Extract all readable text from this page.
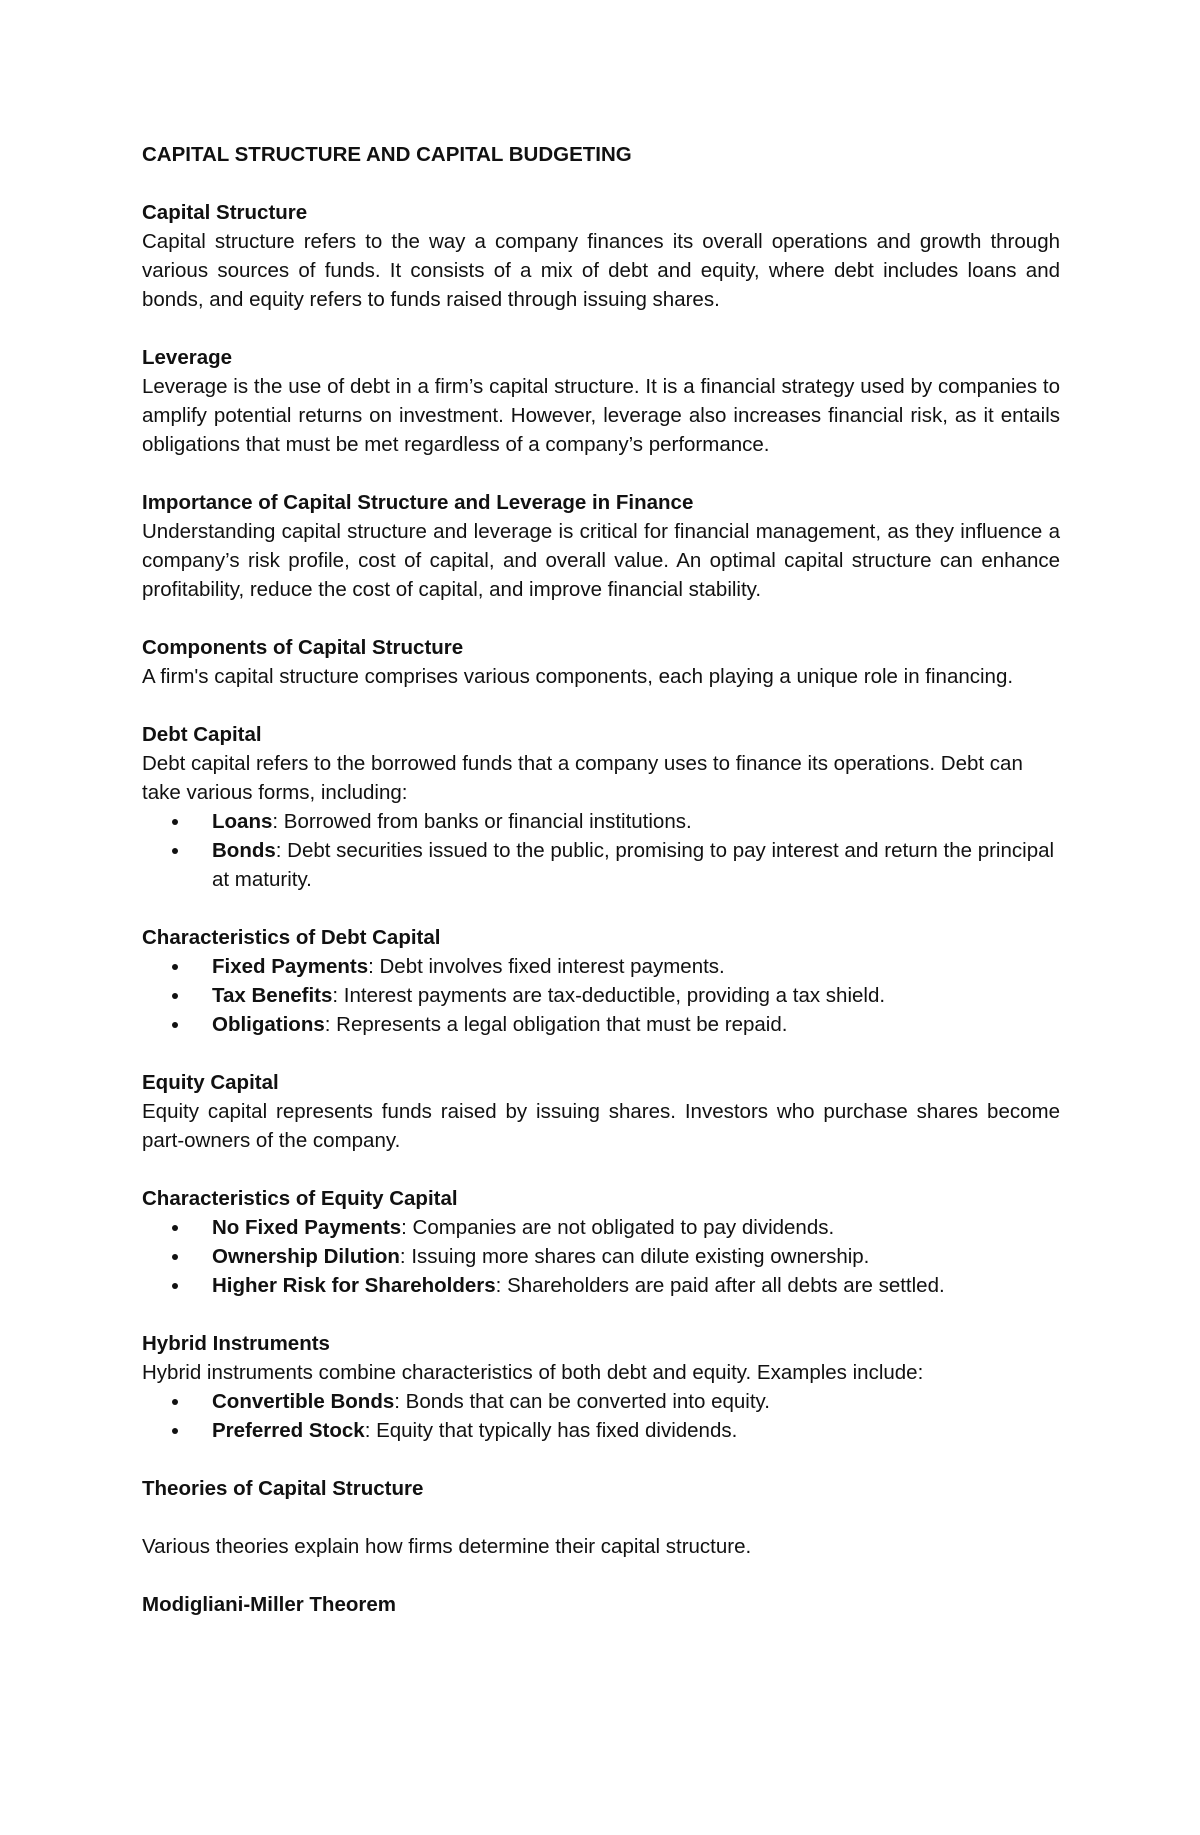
CAPITAL STRUCTURE AND CAPITAL BUDGETING

Capital Structure

Capital structure refers to the way a company finances its overall operations and growth through various sources of funds. It consists of a mix of debt and equity, where debt includes loans and bonds, and equity refers to funds raised through issuing shares.

Leverage

Leverage is the use of debt in a firm’s capital structure. It is a financial strategy used by companies to amplify potential returns on investment. However, leverage also increases financial risk, as it entails obligations that must be met regardless of a company’s performance.

Importance of Capital Structure and Leverage in Finance

Understanding capital structure and leverage is critical for financial management, as they influence a company’s risk profile, cost of capital, and overall value. An optimal capital structure can enhance profitability, reduce the cost of capital, and improve financial stability.

Components of Capital Structure

A firm's capital structure comprises various components, each playing a unique role in financing.

Debt Capital

Debt capital refers to the borrowed funds that a company uses to finance its operations. Debt can take various forms, including:

Loans: Borrowed from banks or financial institutions.
Bonds: Debt securities issued to the public, promising to pay interest and return the principal at maturity.

Characteristics of Debt Capital

Fixed Payments: Debt involves fixed interest payments.
Tax Benefits: Interest payments are tax-deductible, providing a tax shield.
Obligations: Represents a legal obligation that must be repaid.

Equity Capital

Equity capital represents funds raised by issuing shares. Investors who purchase shares become part-owners of the company.

Characteristics of Equity Capital

No Fixed Payments: Companies are not obligated to pay dividends.
Ownership Dilution: Issuing more shares can dilute existing ownership.
Higher Risk for Shareholders: Shareholders are paid after all debts are settled.

Hybrid Instruments

Hybrid instruments combine characteristics of both debt and equity. Examples include:

Convertible Bonds: Bonds that can be converted into equity.
Preferred Stock: Equity that typically has fixed dividends.

Theories of Capital Structure

Various theories explain how firms determine their capital structure.

Modigliani-Miller Theorem
